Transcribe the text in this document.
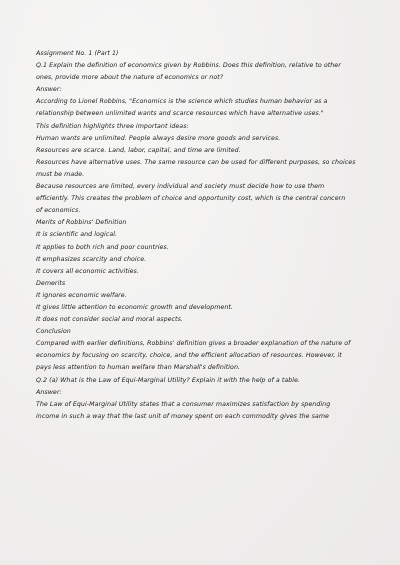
Assignment No. 1 (Part 1)
Q.1 Explain the definition of economics given by Robbins. Does this definition, relative to other
ones, provide more about the nature of economics or not?
Answer:
According to Lionel Robbins, "Economics is the science which studies human behavior as a
relationship between unlimited wants and scarce resources which have alternative uses."
This definition highlights three important ideas:
Human wants are unlimited. People always desire more goods and services.
Resources are scarce. Land, labor, capital, and time are limited.
Resources have alternative uses. The same resource can be used for different purposes, so choices
must be made.
Because resources are limited, every individual and society must decide how to use them
efficiently. This creates the problem of choice and opportunity cost, which is the central concern
of economics.
Merits of Robbins' Definition
It is scientific and logical.
It applies to both rich and poor countries.
It emphasizes scarcity and choice.
It covers all economic activities.
Demerits
It ignores economic welfare.
It gives little attention to economic growth and development.
It does not consider social and moral aspects.
Conclusion
Compared with earlier definitions, Robbins' definition gives a broader explanation of the nature of
economics by focusing on scarcity, choice, and the efficient allocation of resources. However, it
pays less attention to human welfare than Marshall's definition.
Q.2 (a) What is the Law of Equi-Marginal Utility? Explain it with the help of a table.
Answer:
The Law of Equi-Marginal Utility states that a consumer maximizes satisfaction by spending
income in such a way that the last unit of money spent on each commodity gives the same
